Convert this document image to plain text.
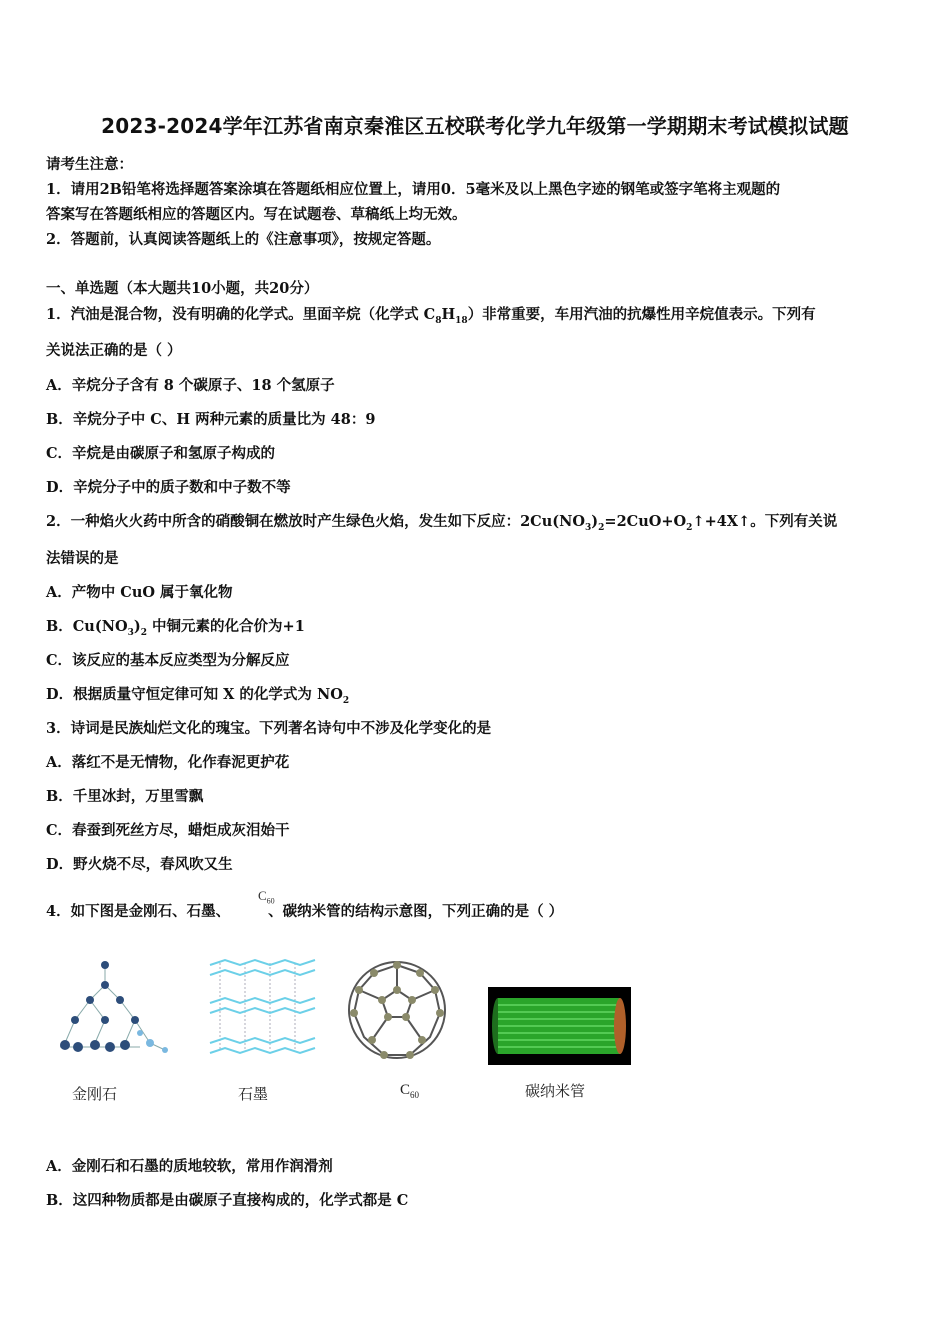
2023-2024学年江苏省南京秦淮区五校联考化学九年级第一学期期末考试模拟试题
请考生注意：
1．请用2B铅笔将选择题答案涂填在答题纸相应位置上，请用0．5毫米及以上黑色字迹的钢笔或签字笔将主观题的
答案写在答题纸相应的答题区内。写在试题卷、草稿纸上均无效。
2．答题前，认真阅读答题纸上的《注意事项》，按规定答题。
一、单选题（本大题共10小题，共20分）
1．汽油是混合物，没有明确的化学式。里面辛烷（化学式 $C_8H_{18}$）非常重要，车用汽油的抗爆性用辛烷值表示。下列有
关说法正确的是（ ）
A．辛烷分子含有 8 个碳原子、18 个氢原子
B．辛烷分子中 C、H 两种元素的质量比为 48：9
C．辛烷是由碳原子和氢原子构成的
D．辛烷分子中的质子数和中子数不等
2．一种焰火火药中所含的硝酸铜在燃放时产生绿色火焰，发生如下反应：$2Cu(NO_3)_2=2CuO+O_2↑+4X↑$。下列有关说
法错误的是
A．产物中 CuO 属于氧化物
B．$Cu(NO_3)_2$ 中铜元素的化合价为+1
C．该反应的基本反应类型为分解反应
D．根据质量守恒定律可知 X 的化学式为 $NO_2$
3．诗词是民族灿烂文化的瑰宝。下列著名诗句中不涉及化学变化的是
A．落红不是无情物，化作春泥更护花
B．千里冰封，万里雪飘
C．春蚕到死丝方尽，蜡炬成灰泪始干
D．野火烧不尽，春风吹又生
4．如下图是金刚石、石墨、	、碳纳米管的结构示意图，下列正确的是（ ）
$C_{60}$
金刚石	石墨	$C_{60}$	碳纳米管
A．金刚石和石墨的质地较软，常用作润滑剂
B．这四种物质都是由碳原子直接构成的，化学式都是 C
